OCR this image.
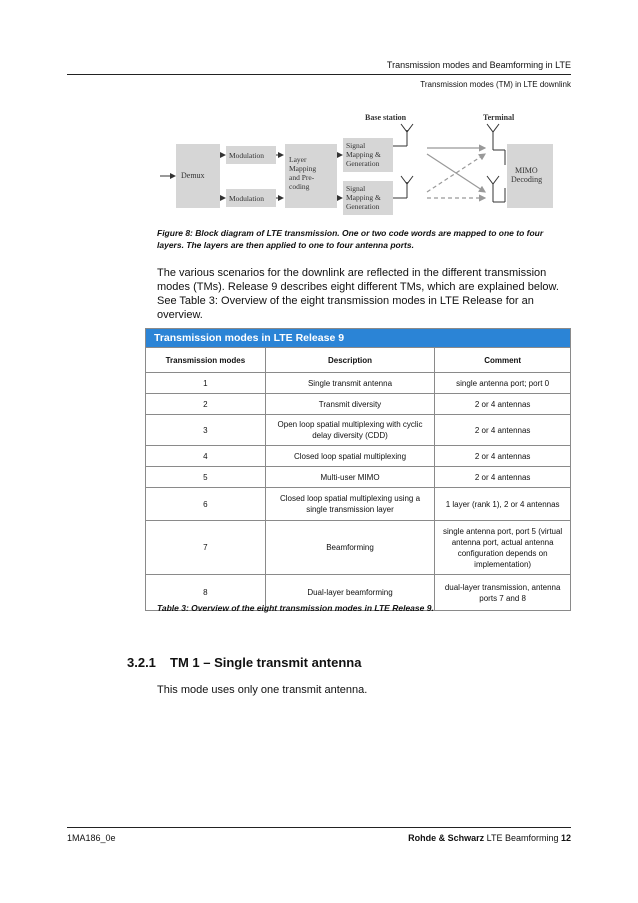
Transmission modes and Beamforming in LTE
Transmission modes (TM) in LTE downlink
Base station	Terminal
Demux
Modulation
Modulation
Layer Mapping and Pre- coding
Signal Mapping & Generation
Signal Mapping & Generation
MIMO Decoding
Figure 8: Block diagram of LTE transmission. One or two code words are mapped to one to four layers. The layers are then applied to one to four antenna ports.
The various scenarios for the downlink are reflected in the different transmission modes (TMs). Release 9 describes eight different TMs, which are explained below. See Table 3: Overview of the eight transmission modes in LTE Release for an overview.
Transmission modes in LTE Release 9		
Transmission modes	Description	Comment
1	Single transmit antenna	single antenna port; port 0
2	Transmit diversity	2 or 4 antennas
3	Open loop spatial multiplexing with cyclic delay diversity (CDD)	2 or 4 antennas
4	Closed loop spatial multiplexing	2 or 4 antennas
5	Multi-user MIMO	2 or 4 antennas
6	Closed loop spatial multiplexing using a single transmission layer	1 layer (rank 1), 2 or 4 antennas
7	Beamforming	single antenna port, port 5 (virtual antenna port, actual antenna configuration depends on implementation)
8	Dual-layer beamforming	dual-layer transmission, antenna ports 7 and 8
Table 3: Overview of the eight transmission modes in LTE Release 9.
3.2.1 TM 1 – Single transmit antenna
This mode uses only one transmit antenna.
1MA186_0e	Rohde & Schwarz LTE Beamforming 12
